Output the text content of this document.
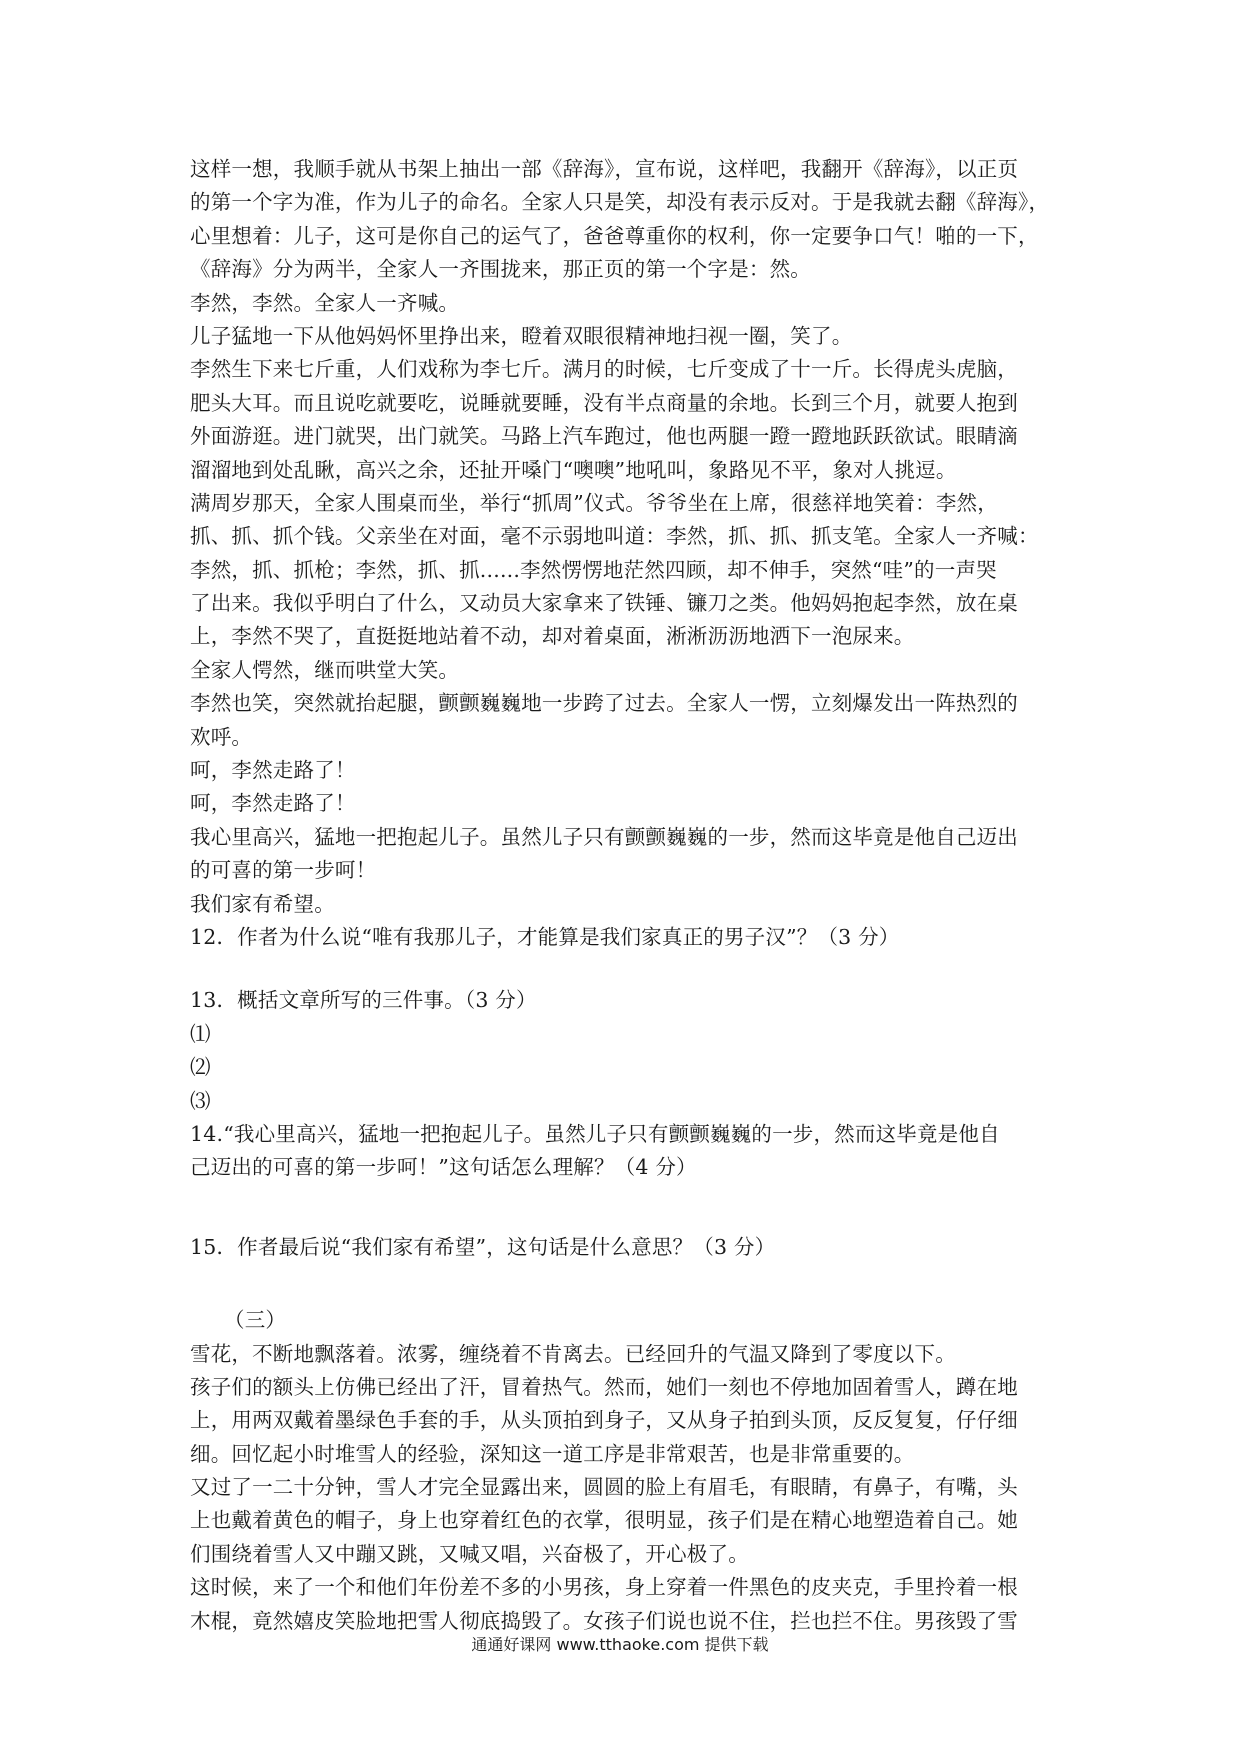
这样一想，我顺手就从书架上抽出一部《辞海》，宣布说，这样吧，我翻开《辞海》，以正页
的第一个字为准，作为儿子的命名。全家人只是笑，却没有表示反对。于是我就去翻《辞海》，
心里想着：儿子，这可是你自己的运气了，爸爸尊重你的权利，你一定要争口气！啪的一下，
《辞海》分为两半，全家人一齐围拢来，那正页的第一个字是：然。
李然，李然。全家人一齐喊。
儿子猛地一下从他妈妈怀里挣出来，瞪着双眼很精神地扫视一圈，笑了。
李然生下来七斤重，人们戏称为李七斤。满月的时候，七斤变成了十一斤。长得虎头虎脑，
肥头大耳。而且说吃就要吃，说睡就要睡，没有半点商量的余地。长到三个月，就要人抱到
外面游逛。进门就哭，出门就笑。马路上汽车跑过，他也两腿一蹬一蹬地跃跃欲试。眼睛滴
溜溜地到处乱瞅，高兴之余，还扯开嗓门“噢噢”地吼叫，象路见不平，象对人挑逗。
满周岁那天，全家人围桌而坐，举行“抓周”仪式。爷爷坐在上席，很慈祥地笑着：李然，
抓、抓、抓个钱。父亲坐在对面，毫不示弱地叫道：李然，抓、抓、抓支笔。全家人一齐喊：
李然，抓、抓枪；李然，抓、抓......李然愣愣地茫然四顾，却不伸手，突然“哇”的一声哭
了出来。我似乎明白了什么，又动员大家拿来了铁锤、镰刀之类。他妈妈抱起李然，放在桌
上，李然不哭了，直挺挺地站着不动，却对着桌面，淅淅沥沥地洒下一泡尿来。
全家人愕然，继而哄堂大笑。
李然也笑，突然就抬起腿，颤颤巍巍地一步跨了过去。全家人一愣，立刻爆发出一阵热烈的
欢呼。
呵，李然走路了！
呵，李然走路了！
我心里高兴，猛地一把抱起儿子。虽然儿子只有颤颤巍巍的一步，然而这毕竟是他自己迈出
的可喜的第一步呵！
我们家有希望。
12．作者为什么说“唯有我那儿子，才能算是我们家真正的男子汉”？（3 分）
13．概括文章所写的三件事。（3 分）
⑴
⑵
⑶
14.“我心里高兴，猛地一把抱起儿子。虽然儿子只有颤颤巍巍的一步，然而这毕竟是他自
己迈出的可喜的第一步呵！”这句话怎么理解？（4 分）
15．作者最后说“我们家有希望”，这句话是什么意思？（3 分）
（三）
雪花，不断地飘落着。浓雾，缠绕着不肯离去。已经回升的气温又降到了零度以下。
孩子们的额头上仿佛已经出了汗，冒着热气。然而，她们一刻也不停地加固着雪人，蹲在地
上，用两双戴着墨绿色手套的手，从头顶拍到身子，又从身子拍到头顶，反反复复，仔仔细
细。回忆起小时堆雪人的经验，深知这一道工序是非常艰苦，也是非常重要的。
又过了一二十分钟，雪人才完全显露出来，圆圆的脸上有眉毛，有眼睛，有鼻子，有嘴，头
上也戴着黄色的帽子，身上也穿着红色的衣掌，很明显，孩子们是在精心地塑造着自己。她
们围绕着雪人又中蹦又跳，又喊又唱，兴奋极了，开心极了。
这时候，来了一个和他们年份差不多的小男孩，身上穿着一件黑色的皮夹克，手里拎着一根
木棍，竟然嬉皮笑脸地把雪人彻底捣毁了。女孩子们说也说不住，拦也拦不住。男孩毁了雪
通通好课网 www.tthaoke.com 提供下载
